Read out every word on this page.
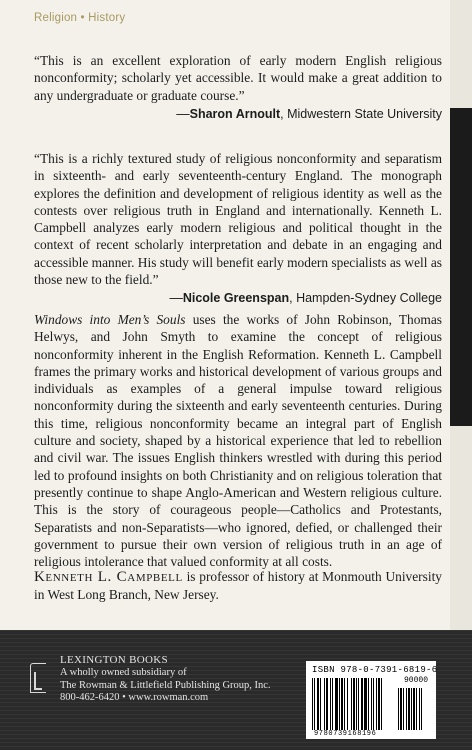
Religion • History
“This is an excellent exploration of early modern English religious nonconformity; scholarly yet accessible. It would make a great addition to any undergraduate or graduate course.”
—Sharon Arnoult, Midwestern State University
“This is a richly textured study of religious nonconformity and separatism in sixteenth- and early seventeenth-century England. The monograph explores the definition and development of religious identity as well as the contests over religious truth in England and internationally. Kenneth L. Campbell analyzes early modern religious and political thought in the context of recent scholarly interpretation and debate in an engaging and accessible manner. His study will benefit early modern specialists as well as those new to the field.”
—Nicole Greenspan, Hampden-Sydney College
Windows into Men’s Souls uses the works of John Robinson, Thomas Helwys, and John Smyth to examine the concept of religious nonconformity inherent in the English Reformation. Kenneth L. Campbell frames the primary works and historical development of various groups and individuals as examples of a general impulse toward religious nonconformity during the sixteenth and early seventeenth centuries. During this time, religious nonconformity became an integral part of English culture and society, shaped by a historical experience that led to rebellion and civil war. The issues English thinkers wrestled with during this period led to profound insights on both Christianity and on religious toleration that presently continue to shape Anglo-American and Western religious culture. This is the story of courageous people—Catholics and Protestants, Separatists and non-Separatists—who ignored, defied, or challenged their government to pursue their own version of religious truth in an age of religious intolerance that valued conformity at all costs.
Kenneth L. Campbell is professor of history at Monmouth University in West Long Branch, New Jersey.
LEXINGTON BOOKS
A wholly owned subsidiary of
The Rowman & Littlefield Publishing Group, Inc.
800-462-6420 • www.rowman.com
ISBN 978-0-7391-6819-6
90000
9780739168196
